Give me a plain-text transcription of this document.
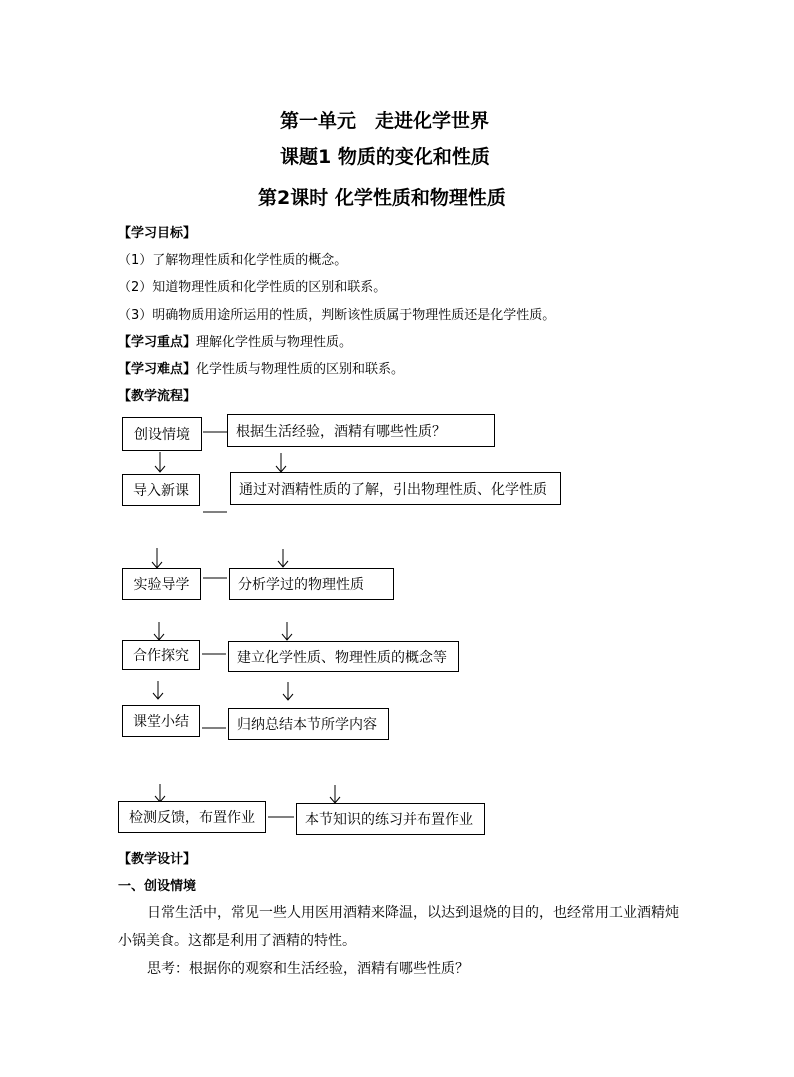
第一单元　走进化学世界
课题1 物质的变化和性质
第2课时 化学性质和物理性质
【学习目标】
（1）了解物理性质和化学性质的概念。
（2）知道物理性质和化学性质的区别和联系。
（3）明确物质用途所运用的性质，判断该性质属于物理性质还是化学性质。
【学习重点】理解化学性质与物理性质。
【学习难点】化学性质与物理性质的区别和联系。
【教学流程】
创设情境	根据生活经验，酒精有哪些性质？
导入新课	通过对酒精性质的了解，引出物理性质、化学性质
实验导学	分析学过的物理性质
合作探究	建立化学性质、物理性质的概念等
课堂小结	归纳总结本节所学内容
检测反馈，布置作业	本节知识的练习并布置作业
【教学设计】
一、创设情境
日常生活中，常见一些人用医用酒精来降温，以达到退烧的目的，也经常用工业酒精炖
小锅美食。这都是利用了酒精的特性。
思考：根据你的观察和生活经验，酒精有哪些性质？
